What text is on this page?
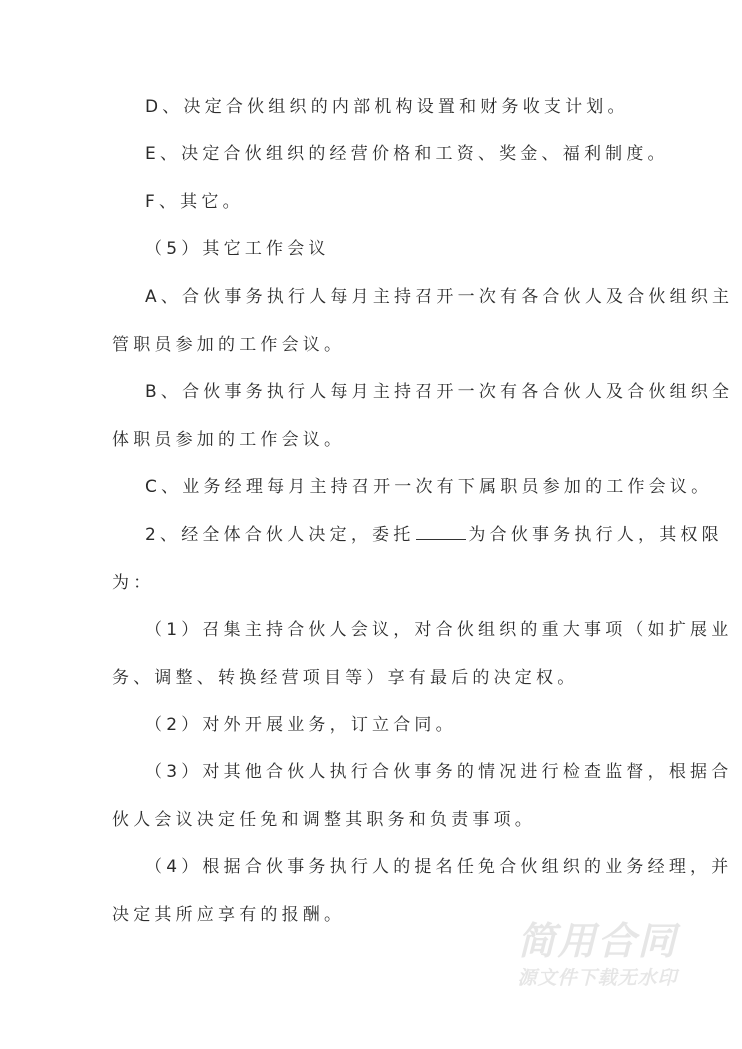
D、决定合伙组织的内部机构设置和财务收支计划。
E、决定合伙组织的经营价格和工资、奖金、福利制度。
F、其它。
（5）其它工作会议
A、合伙事务执行人每月主持召开一次有各合伙人及合伙组织主
管职员参加的工作会议。
B、合伙事务执行人每月主持召开一次有各合伙人及合伙组织全
体职员参加的工作会议。
C、业务经理每月主持召开一次有下属职员参加的工作会议。
2、经全体合伙人决定，委托	为合伙事务执行人，其权限
为：
（1）召集主持合伙人会议，对合伙组织的重大事项（如扩展业
务、调整、转换经营项目等）享有最后的决定权。
（2）对外开展业务，订立合同。
（3）对其他合伙人执行合伙事务的情况进行检查监督，根据合
伙人会议决定任免和调整其职务和负责事项。
（4）根据合伙事务执行人的提名任免合伙组织的业务经理，并
决定其所应享有的报酬。
简用合同
源文件下载无水印
